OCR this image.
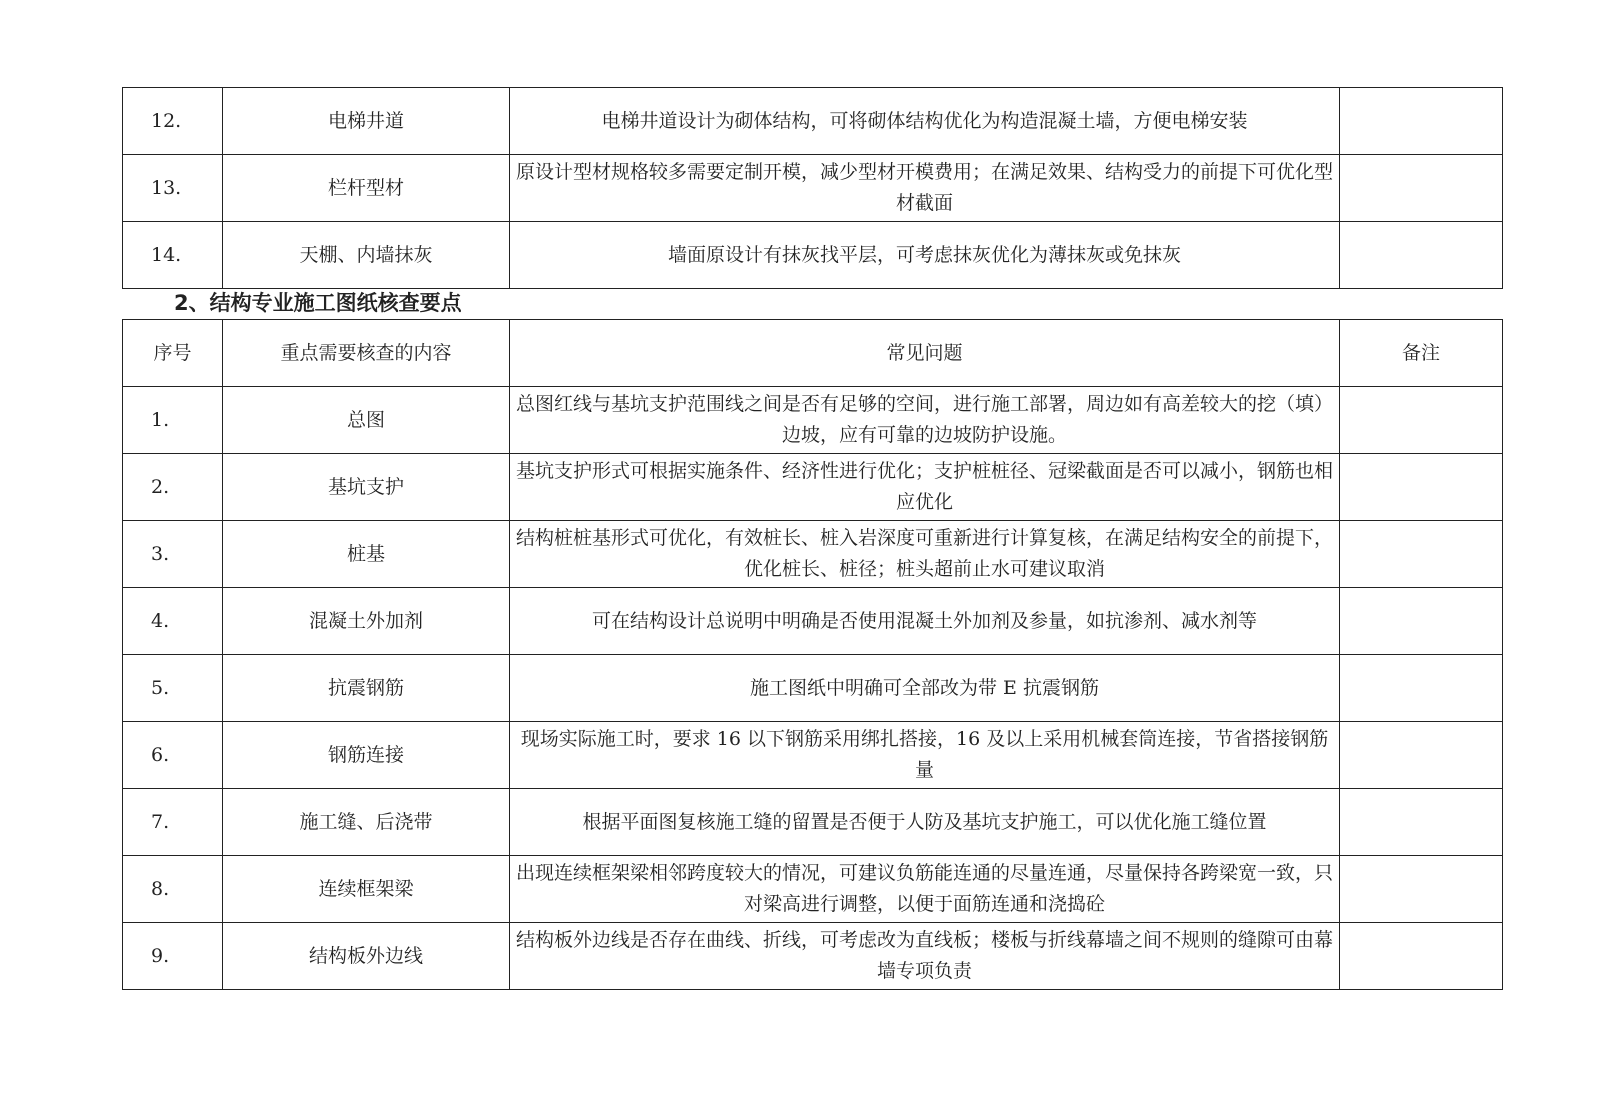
12.	电梯井道	电梯井道设计为砌体结构，可将砌体结构优化为构造混凝土墙，方便电梯安装	
13.	栏杆型材	原设计型材规格较多需要定制开模，减少型材开模费用；在满足效果、结构受力的前提下可优化型材截面	
14.	天棚、内墙抹灰	墙面原设计有抹灰找平层，可考虑抹灰优化为薄抹灰或免抹灰	
2、结构专业施工图纸核查要点
序号	重点需要核查的内容	常见问题	备注
1.	总图	总图红线与基坑支护范围线之间是否有足够的空间，进行施工部署，周边如有高差较大的挖（填）边坡，应有可靠的边坡防护设施。	
2.	基坑支护	基坑支护形式可根据实施条件、经济性进行优化；支护桩桩径、冠梁截面是否可以减小，钢筋也相应优化	
3.	桩基	结构桩桩基形式可优化，有效桩长、桩入岩深度可重新进行计算复核，在满足结构安全的前提下，优化桩长、桩径；桩头超前止水可建议取消	
4.	混凝土外加剂	可在结构设计总说明中明确是否使用混凝土外加剂及参量，如抗渗剂、减水剂等	
5.	抗震钢筋	施工图纸中明确可全部改为带 E 抗震钢筋	
6.	钢筋连接	现场实际施工时，要求 16 以下钢筋采用绑扎搭接，16 及以上采用机械套筒连接，节省搭接钢筋量	
7.	施工缝、后浇带	根据平面图复核施工缝的留置是否便于人防及基坑支护施工，可以优化施工缝位置	
8.	连续框架梁	出现连续框架梁相邻跨度较大的情况，可建议负筋能连通的尽量连通，尽量保持各跨梁宽一致，只对梁高进行调整，以便于面筋连通和浇捣砼	
9.	结构板外边线	结构板外边线是否存在曲线、折线，可考虑改为直线板；楼板与折线幕墙之间不规则的缝隙可由幕墙专项负责	
